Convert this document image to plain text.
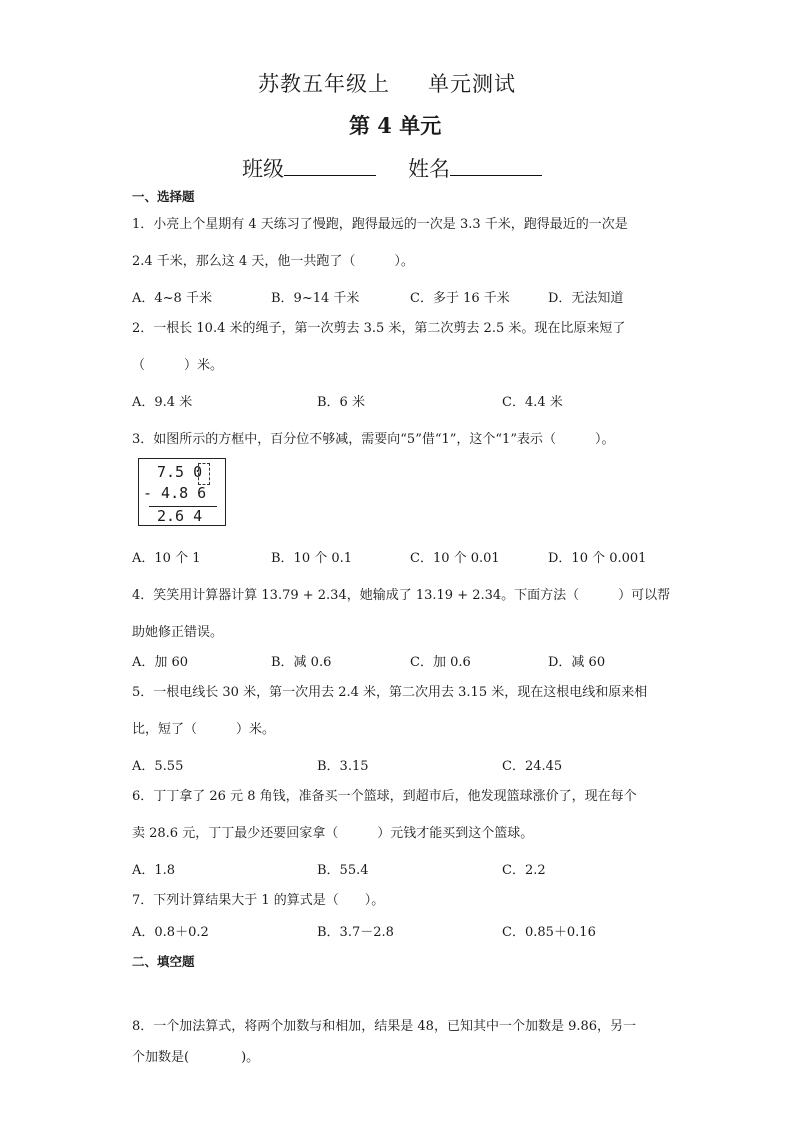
苏教五年级上 单元测试
第 4 单元
班级	姓名
一、选择题
1．小亮上个星期有 4 天练习了慢跑，跑得最远的一次是 3.3 千米，跑得最近的一次是
2.4 千米，那么这 4 天，他一共跑了（　　　）。
A．4~8 千米	B．9~14 千米	C．多于 16 千米	D．无法知道
2．一根长 10.4 米的绳子，第一次剪去 3.5 米，第二次剪去 2.5 米。现在比原来短了
（　　　）米。
A．9.4 米	B．6 米	C．4.4 米
3．如图所示的方框中，百分位不够减，需要向“5”借“1”，这个“1”表示（　　　）。
7.5 0
- 4.8 6
2.6 4
A．10 个 1	B．10 个 0.1	C．10 个 0.01	D．10 个 0.001
4．笑笑用计算器计算 13.79 + 2.34，她输成了 13.19 + 2.34。下面方法（　　　）可以帮
助她修正错误。
A．加 60	B．减 0.6	C．加 0.6	D．减 60
5．一根电线长 30 米，第一次用去 2.4 米，第二次用去 3.15 米，现在这根电线和原来相
比，短了（　　　）米。
A．5.55	B．3.15	C．24.45
6．丁丁拿了 26 元 8 角钱，准备买一个篮球，到超市后，他发现篮球涨价了，现在每个
卖 28.6 元，丁丁最少还要回家拿（　　　）元钱才能买到这个篮球。
A．1.8	B．55.4	C．2.2
7．下列计算结果大于 1 的算式是（　　）。
A．0.8＋0.2	B．3.7－2.8	C．0.85＋0.16
二、填空题
8．一个加法算式，将两个加数与和相加，结果是 48，已知其中一个加数是 9.86，另一
个加数是(　　　　)。
